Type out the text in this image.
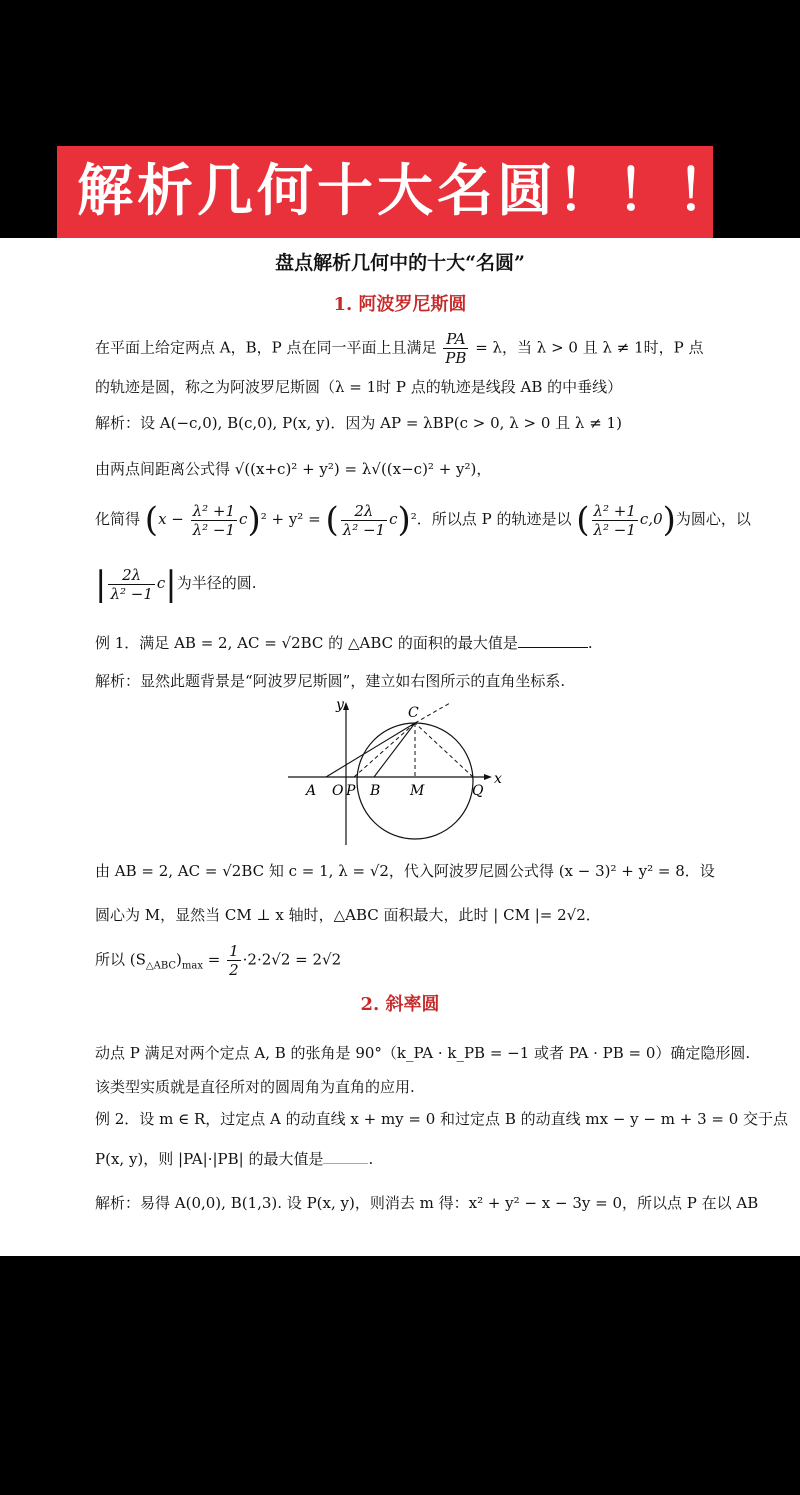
解析几何十大名圆！！！
盘点解析几何中的十大“名圆”
1. 阿波罗尼斯圆
在平面上给定两点 A，B，P 点在同一平面上且满足 $\frac{PA}{PB} = \lambda$，当 λ > 0 且 λ ≠ 1时，P 点
的轨迹是圆，称之为阿波罗尼斯圆（λ = 1时 P 点的轨迹是线段 AB 的中垂线）
解析：设 A(−c,0), B(c,0), P(x, y)．因为 AP = λBP(c > 0, λ > 0 且 λ ≠ 1)
由两点间距离公式得 √((x+c)² + y²) = λ√((x−c)² + y²)，
化简得 $(x - \frac{\text{λ² +1}}{\text{λ² −1}} c)^2 + y^2$ = ( $\frac{2\lambda}{\text{λ² −1}} c)^2$．所以点 P 的轨迹是以 ( $\frac{\text{λ² +1}}{\text{λ² −1}} c,0$)为圆心，以
| $\frac{2\lambda}{\text{λ² −1}} c|$为半径的圆.
例 1．满足 AB = 2, AC = √2BC 的 △ABC 的面积的最大值是	.
解析：显然此题背景是“阿波罗尼斯圆”，建立如右图所示的直角坐标系.
y
x
C
A O P B M	Q
由 AB = 2, AC = √2BC 知 c = 1, λ = √2，代入阿波罗尼圆公式得 (x − 3)² + y² = 8．设
圆心为 M，显然当 CM ⊥ x 轴时，△ABC 面积最大，此时 | CM |= 2√2．
所以 $(S_{\triangle ABC})_{max} = \frac{1}{2} \cdot 2\cdot 2√2 = 2√2$
2. 斜率圆
动点 P 满足对两个定点 A, B 的张角是 90°（k_PA · k_PB = −1 或者 PA · PB = 0）确定隐形圆.
该类型实质就是直径所对的圆周角为直角的应用.
例 2．设 m ∈ R，过定点 A 的动直线 x + my = 0 和过定点 B 的动直线 mx − y − m + 3 = 0 交于点
P(x, y)，则 |PA|·|PB| 的最大值是	.
解析：易得 A(0,0), B(1,3). 设 P(x, y)，则消去 m 得：x² + y² − x − 3y = 0，所以点 P 在以 AB
